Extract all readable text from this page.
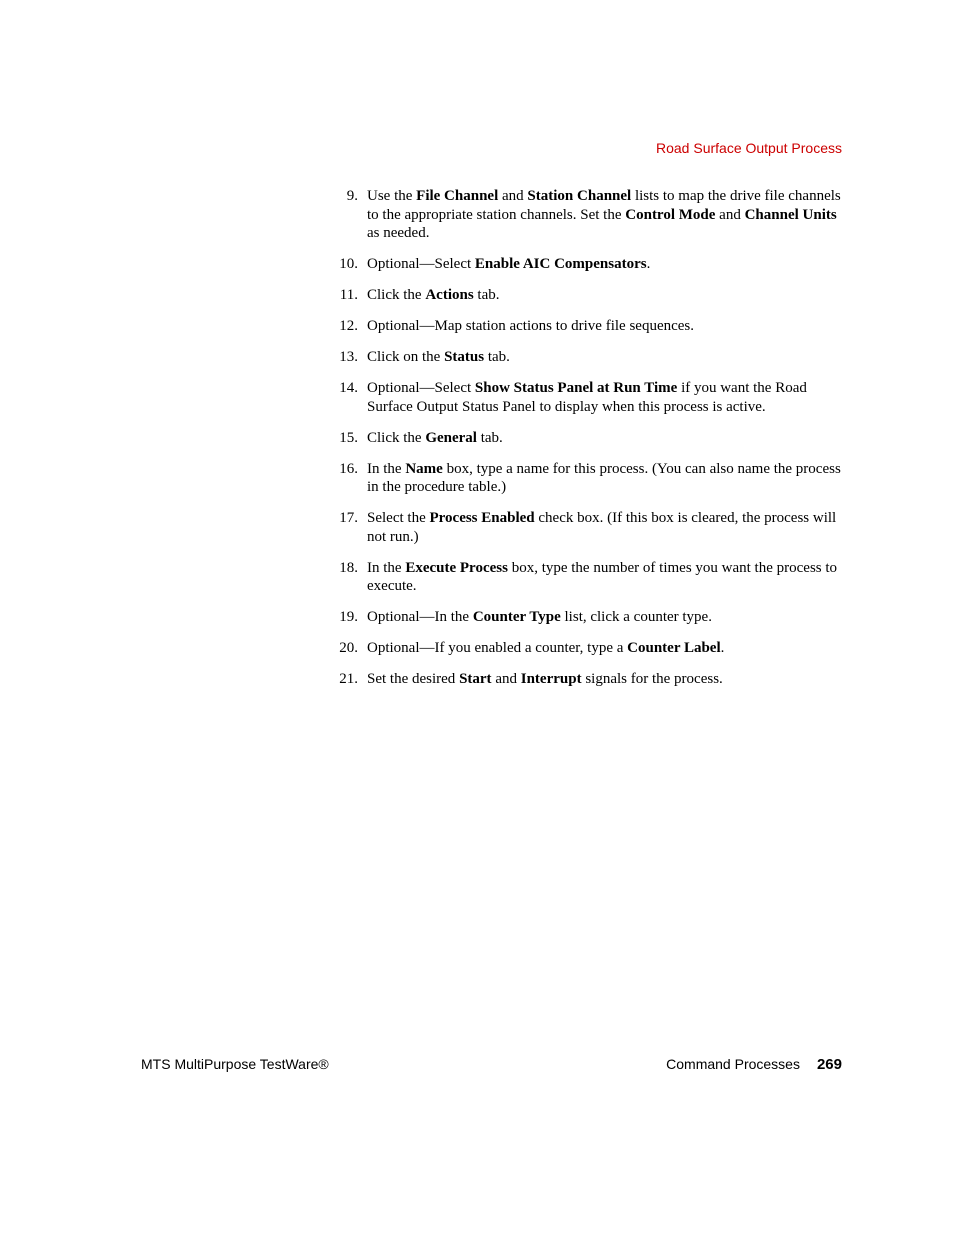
Road Surface Output Process
9. Use the File Channel and Station Channel lists to map the drive file channels to the appropriate station channels. Set the Control Mode and Channel Units as needed.
10. Optional—Select Enable AIC Compensators.
11. Click the Actions tab.
12. Optional—Map station actions to drive file sequences.
13. Click on the Status tab.
14. Optional—Select Show Status Panel at Run Time if you want the Road Surface Output Status Panel to display when this process is active.
15. Click the General tab.
16. In the Name box, type a name for this process. (You can also name the process in the procedure table.)
17. Select the Process Enabled check box. (If this box is cleared, the process will not run.)
18. In the Execute Process box, type the number of times you want the process to execute.
19. Optional—In the Counter Type list, click a counter type.
20. Optional—If you enabled a counter, type a Counter Label.
21. Set the desired Start and Interrupt signals for the process.
MTS MultiPurpose TestWare®	Command Processes 269
